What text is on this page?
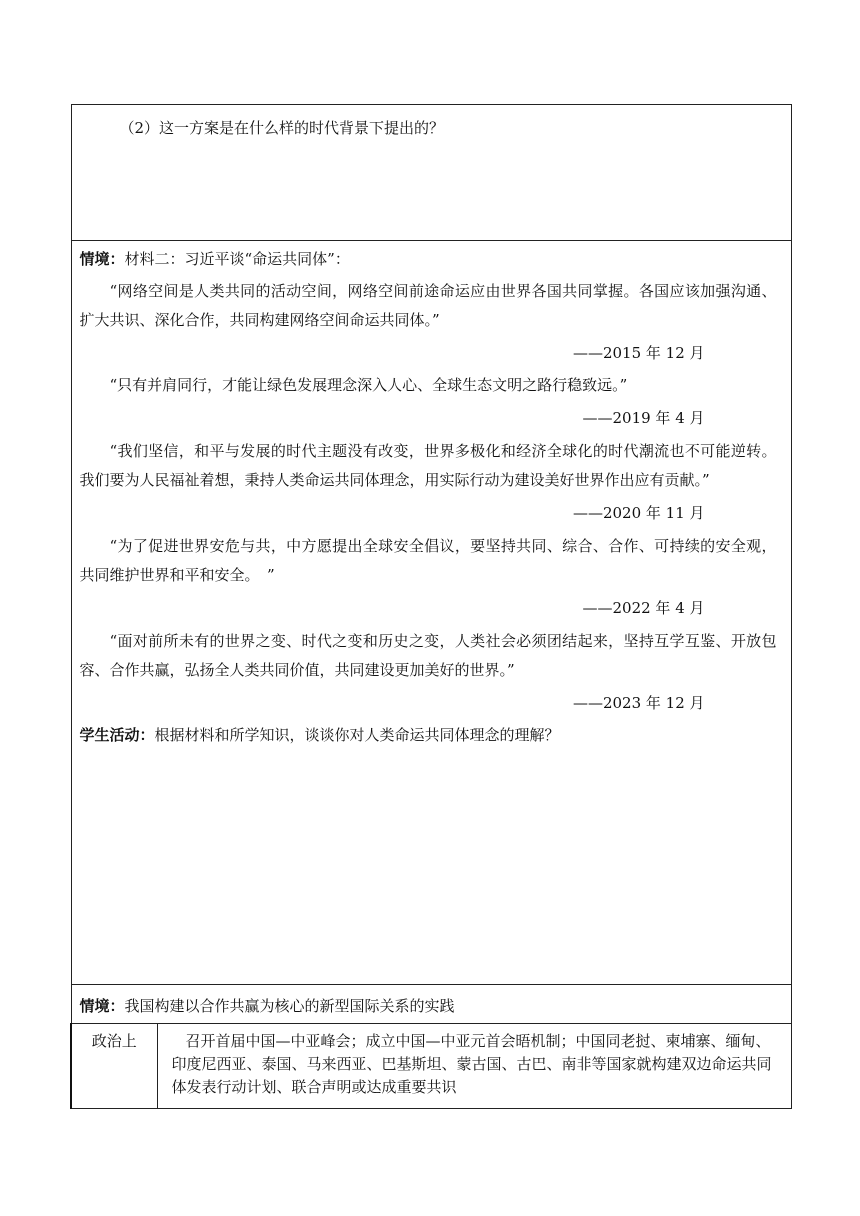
（2）这一方案是在什么样的时代背景下提出的？

情境：材料二：习近平谈“命运共同体”：
“网络空间是人类共同的活动空间，网络空间前途命运应由世界各国共同掌握。各国应该加强沟通、扩大共识、深化合作，共同构建网络空间命运共同体。”
——2015 年 12 月
“只有并肩同行，才能让绿色发展理念深入人心、全球生态文明之路行稳致远。”
——2019 年 4 月
“我们坚信，和平与发展的时代主题没有改变，世界多极化和经济全球化的时代潮流也不可能逆转。我们要为人民福祉着想，秉持人类命运共同体理念，用实际行动为建设美好世界作出应有贡献。”
——2020 年 11 月
“为了促进世界安危与共，中方愿提出全球安全倡议，要坚持共同、综合、合作、可持续的安全观，共同维护世界和平和安全。　”
——2022 年 4 月
“面对前所未有的世界之变、时代之变和历史之变，人类社会必须团结起来，坚持互学互鉴、开放包容、合作共赢，弘扬全人类共同价值，共同建设更加美好的世界。”
——2023 年 12 月
学生活动：根据材料和所学知识，谈谈你对人类命运共同体理念的理解？

情境：我国构建以合作共赢为核心的新型国际关系的实践

政治上	召开首届中国—中亚峰会；成立中国—中亚元首会晤机制；中国同老挝、柬埔寨、缅甸、印度尼西亚、泰国、马来西亚、巴基斯坦、蒙古国、古巴、南非等国家就构建双边命运共同体发表行动计划、联合声明或达成重要共识
